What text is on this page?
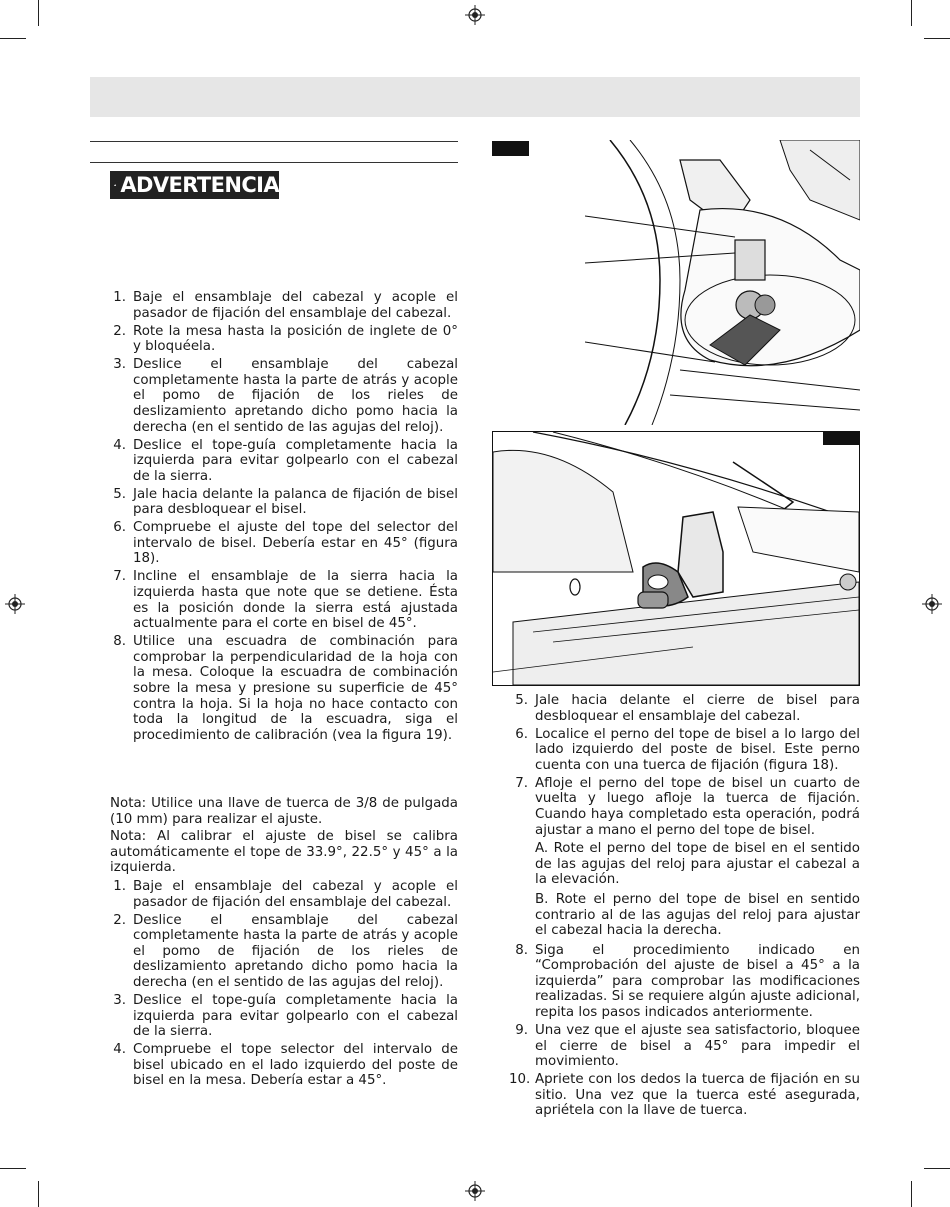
ADVERTENCIA
1. Baje el ensamblaje del cabezal y acople el pasador de fijación del ensamblaje del cabezal.
2. Rote la mesa hasta la posición de inglete de 0° y bloquéela.
3. Deslice el ensamblaje del cabezal completamente hasta la parte de atrás y acople el pomo de fijación de los rieles de deslizamiento apretando dicho pomo hacia la derecha (en el sentido de las agujas del reloj).
4. Deslice el tope-guía completamente hacia la izquierda para evitar golpearlo con el cabezal de la sierra.
5. Jale hacia delante la palanca de fijación de bisel para desbloquear el bisel.
6. Compruebe el ajuste del tope del selector del intervalo de bisel. Debería estar en 45° (figura 18).
7. Incline el ensamblaje de la sierra hacia la izquierda hasta que note que se detiene. Ésta es la posición donde la sierra está ajustada actualmente para el corte en bisel de 45°.
8. Utilice una escuadra de combinación para comprobar la perpendicularidad de la hoja con la mesa. Coloque la escuadra de combinación sobre la mesa y presione su superficie de 45° contra la hoja. Si la hoja no hace contacto con toda la longitud de la escuadra, siga el procedimiento de calibración (vea la figura 19).
Nota: Utilice una llave de tuerca de 3/8 de pulgada (10 mm) para realizar el ajuste.
Nota: Al calibrar el ajuste de bisel se calibra automáticamente el tope de 33.9°, 22.5° y 45° a la izquierda.
1. Baje el ensamblaje del cabezal y acople el pasador de fijación del ensamblaje del cabezal.
2. Deslice el ensamblaje del cabezal completamente hasta la parte de atrás y acople el pomo de fijación de los rieles de deslizamiento apretando dicho pomo hacia la derecha (en el sentido de las agujas del reloj).
3. Deslice el tope-guía completamente hacia la izquierda para evitar golpearlo con el cabezal de la sierra.
4. Compruebe el tope selector del intervalo de bisel ubicado en el lado izquierdo del poste de bisel en la mesa. Debería estar a 45°.
5. Jale hacia delante el cierre de bisel para desbloquear el ensamblaje del cabezal.
6. Localice el perno del tope de bisel a lo largo del lado izquierdo del poste de bisel. Este perno cuenta con una tuerca de fijación (figura 18).
7. Afloje el perno del tope de bisel un cuarto de vuelta y luego afloje la tuerca de fijación. Cuando haya completado esta operación, podrá ajustar a mano el perno del tope de bisel.
A. Rote el perno del tope de bisel en el sentido de las agujas del reloj para ajustar el cabezal a la elevación.
B. Rote el perno del tope de bisel en sentido contrario al de las agujas del reloj para ajustar el cabezal hacia la derecha.
8. Siga el procedimiento indicado en “Comprobación del ajuste de bisel a 45° a la izquierda” para comprobar las modificaciones realizadas. Si se requiere algún ajuste adicional, repita los pasos indicados anteriormente.
9. Una vez que el ajuste sea satisfactorio, bloquee el cierre de bisel a 45° para impedir el movimiento.
10. Apriete con los dedos la tuerca de fijación en su sitio. Una vez que la tuerca esté asegurada, apriétela con la llave de tuerca.
